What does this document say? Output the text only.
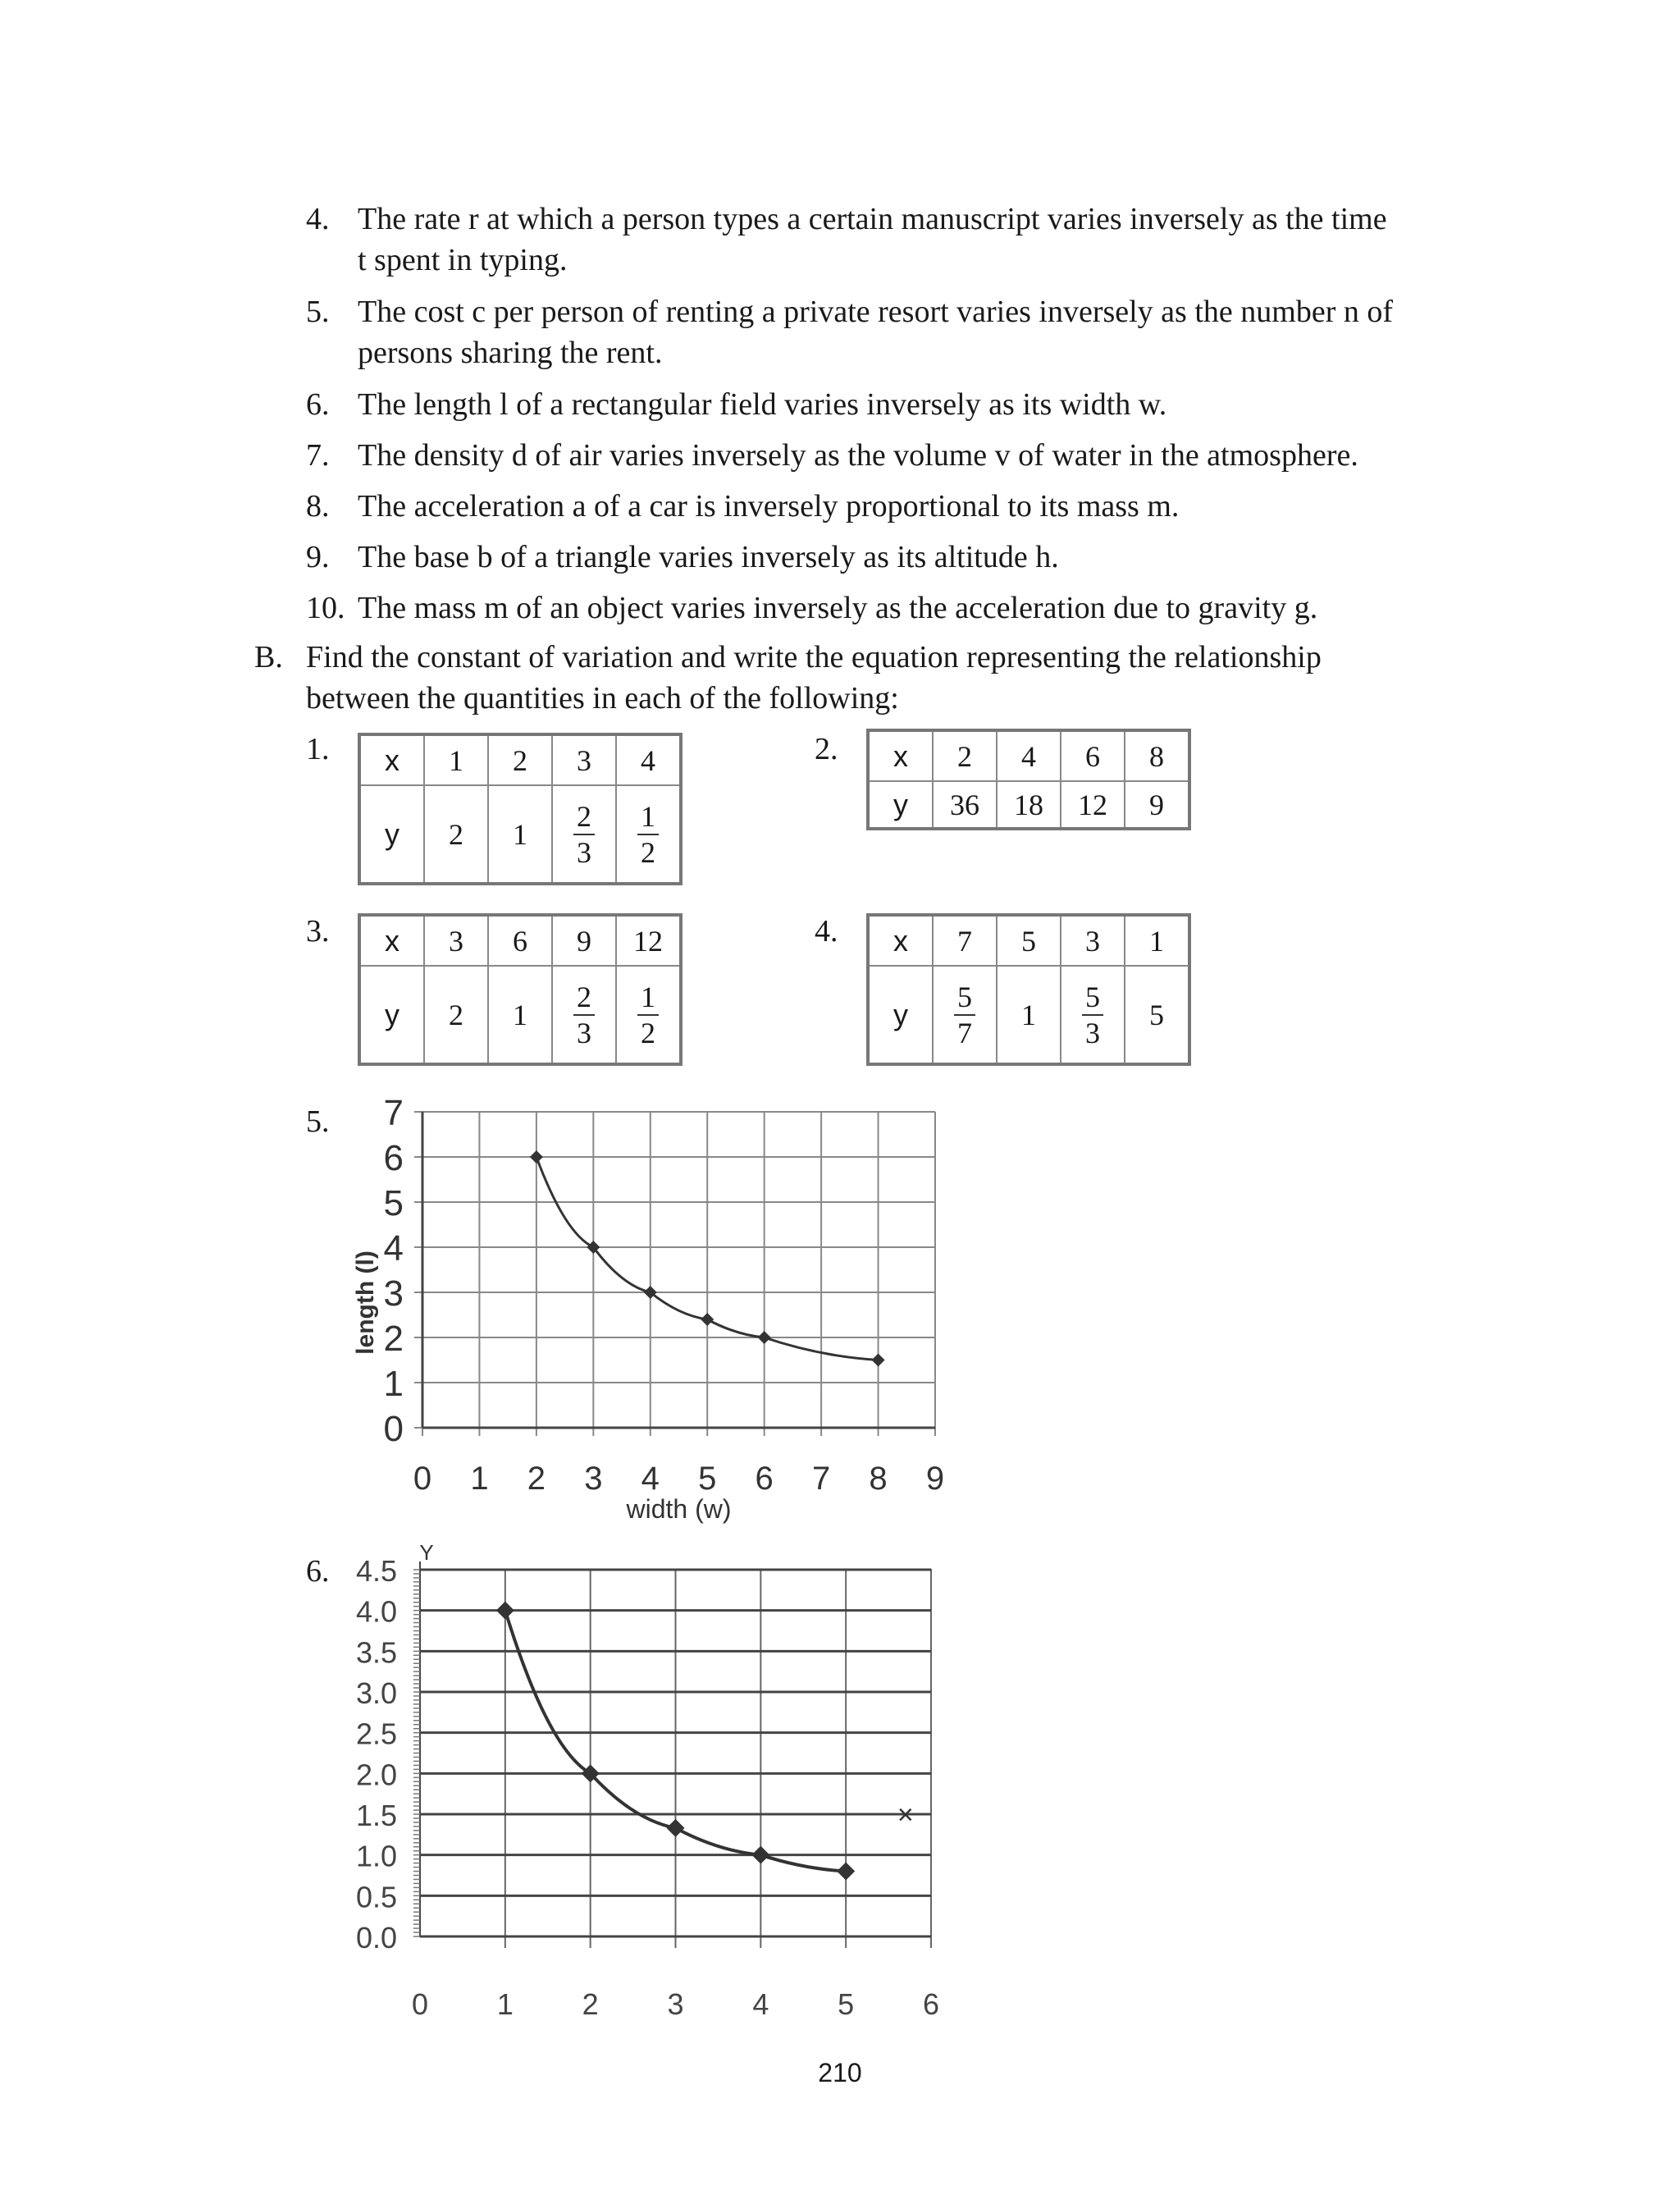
4. The rate r at which a person types a certain manuscript varies inversely as the time
t spent in typing.
5. The cost c per person of renting a private resort varies inversely as the number n of
persons sharing the rent.
6. The length l of a rectangular field varies inversely as its width w.
7. The density d of air varies inversely as the volume v of water in the atmosphere.
8. The acceleration a of a car is inversely proportional to its mass m.
9. The base b of a triangle varies inversely as its altitude h.
10. The mass m of an object varies inversely as the acceleration due to gravity g.
B. Find the constant of variation and write the equation representing the relationship
between the quantities in each of the following:
1. x	1	2	3	4
y	2	1	$\frac{2}{3}$	$\frac{1}{2}$
2. x	2	4	6	8
y	36	18	12	9
3. x	3	6	9	12
y	2	1	$\frac{2}{3}$	$\frac{1}{2}$
4. x	7	5	3	1
y	$\frac{5}{7}$	1	$\frac{5}{3}$	5
5.
0
1
2
3
4
5
6
7
0 1 2 3 4 5 6 7 8 9
width (w)
length (l)
6.
Y
0.0
0.5
1.0
1.5
2.0
2.5
3.0
3.5
4.0
4.5
0 1 2 3 4 5 6
×
210
